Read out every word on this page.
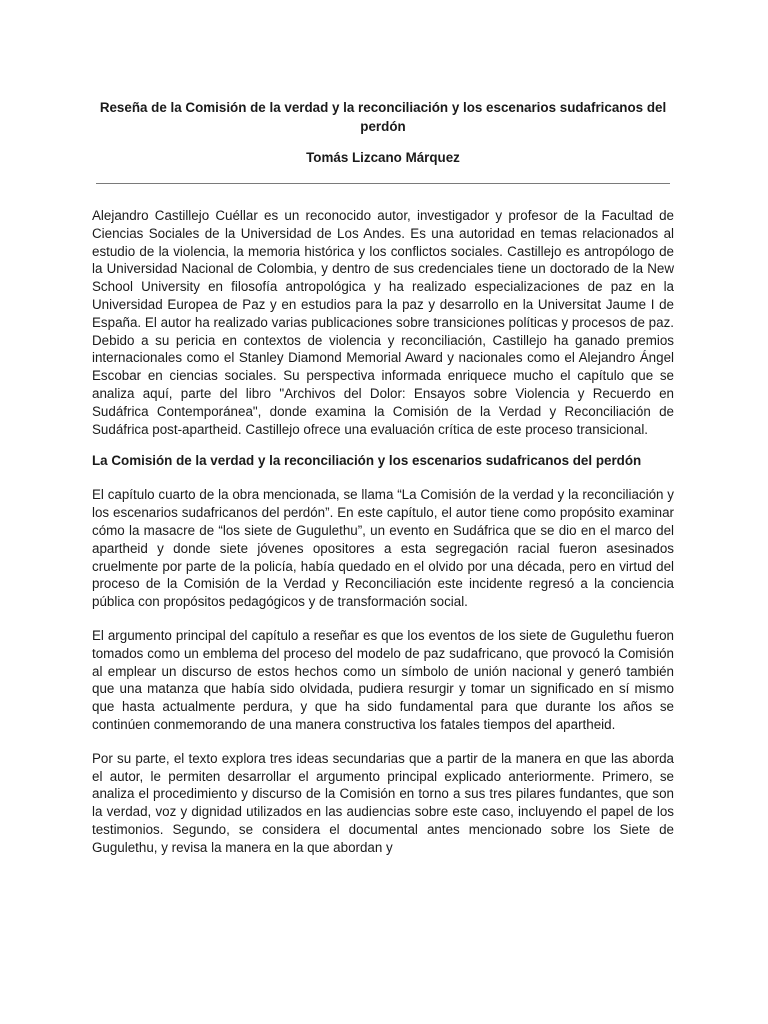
Reseña de la Comisión de la verdad y la reconciliación y los escenarios sudafricanos del perdón
Tomás Lizcano Márquez

Alejandro Castillejo Cuéllar es un reconocido autor, investigador y profesor de la Facultad de Ciencias Sociales de la Universidad de Los Andes. Es una autoridad en temas relacionados al estudio de la violencia, la memoria histórica y los conflictos sociales. Castillejo es antropólogo de la Universidad Nacional de Colombia, y dentro de sus credenciales tiene un doctorado de la New School University en filosofía antropológica y ha realizado especializaciones de paz en la Universidad Europea de Paz y en estudios para la paz y desarrollo en la Universitat Jaume I de España. El autor ha realizado varias publicaciones sobre transiciones políticas y procesos de paz. Debido a su pericia en contextos de violencia y reconciliación, Castillejo ha ganado premios internacionales como el Stanley Diamond Memorial Award y nacionales como el Alejandro Ángel Escobar en ciencias sociales. Su perspectiva informada enriquece mucho el capítulo que se analiza aquí, parte del libro "Archivos del Dolor: Ensayos sobre Violencia y Recuerdo en Sudáfrica Contemporánea", donde examina la Comisión de la Verdad y Reconciliación de Sudáfrica post-apartheid. Castillejo ofrece una evaluación crítica de este proceso transicional.

La Comisión de la verdad y la reconciliación y los escenarios sudafricanos del perdón

El capítulo cuarto de la obra mencionada, se llama “La Comisión de la verdad y la reconciliación y los escenarios sudafricanos del perdón”. En este capítulo, el autor tiene como propósito examinar cómo la masacre de “los siete de Gugulethu”, un evento en Sudáfrica que se dio en el marco del apartheid y donde siete jóvenes opositores a esta segregación racial fueron asesinados cruelmente por parte de la policía, había quedado en el olvido por una década, pero en virtud del proceso de la Comisión de la Verdad y Reconciliación este incidente regresó a la conciencia pública con propósitos pedagógicos y de transformación social.

El argumento principal del capítulo a reseñar es que los eventos de los siete de Gugulethu fueron tomados como un emblema del proceso del modelo de paz sudafricano, que provocó la Comisión al emplear un discurso de estos hechos como un símbolo de unión nacional y generó también que una matanza que había sido olvidada, pudiera resurgir y tomar un significado en sí mismo que hasta actualmente perdura, y que ha sido fundamental para que durante los años se continúen conmemorando de una manera constructiva los fatales tiempos del apartheid.

Por su parte, el texto explora tres ideas secundarias que a partir de la manera en que las aborda el autor, le permiten desarrollar el argumento principal explicado anteriormente. Primero, se analiza el procedimiento y discurso de la Comisión en torno a sus tres pilares fundantes, que son la verdad, voz y dignidad utilizados en las audiencias sobre este caso, incluyendo el papel de los testimonios. Segundo, se considera el documental antes mencionado sobre los Siete de Gugulethu, y revisa la manera en la que abordan y
